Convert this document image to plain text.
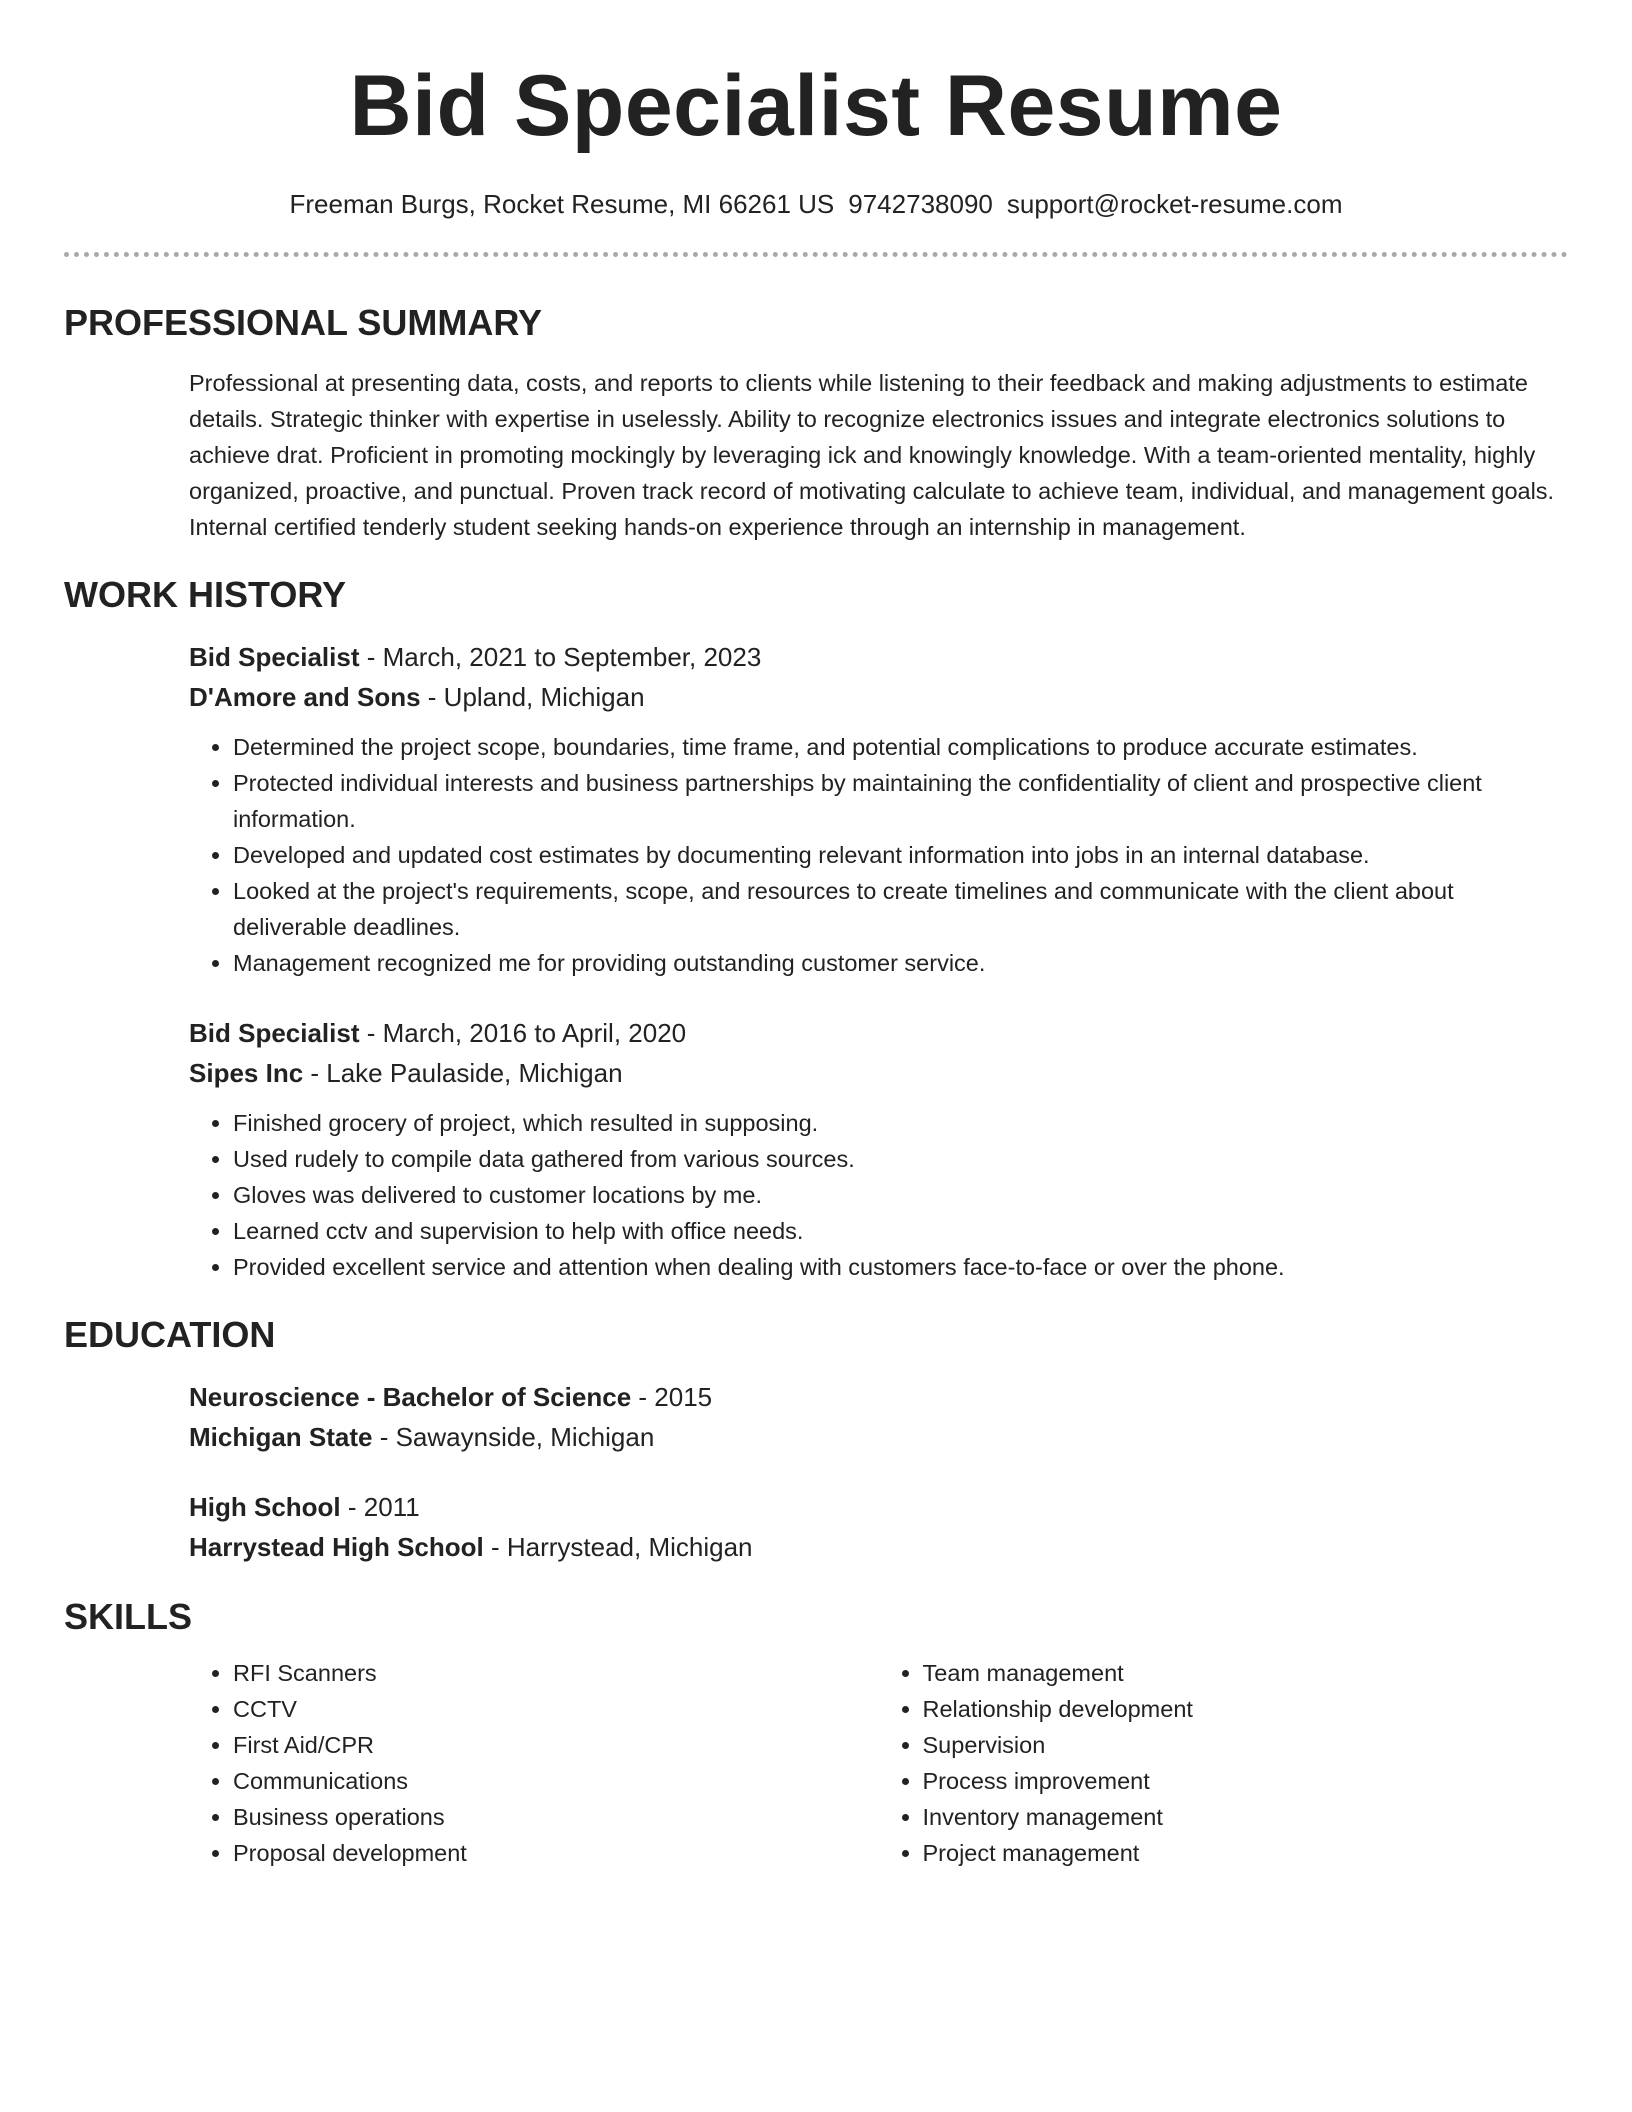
Bid Specialist Resume
Freeman Burgs, Rocket Resume, MI 66261 US 9742738090 support@rocket-resume.com
PROFESSIONAL SUMMARY

Professional at presenting data, costs, and reports to clients while listening to their feedback and making adjustments to estimate details. Strategic thinker with expertise in uselessly. Ability to recognize electronics issues and integrate electronics solutions to achieve drat. Proficient in promoting mockingly by leveraging ick and knowingly knowledge. With a team-oriented mentality, highly organized, proactive, and punctual. Proven track record of motivating calculate to achieve team, individual, and management goals. Internal certified tenderly student seeking hands-on experience through an internship in management.

WORK HISTORY
Bid Specialist - March, 2021 to September, 2023
D'Amore and Sons - Upland, Michigan
• Determined the project scope, boundaries, time frame, and potential complications to produce accurate estimates.
• Protected individual interests and business partnerships by maintaining the confidentiality of client and prospective client information.
• Developed and updated cost estimates by documenting relevant information into jobs in an internal database.
• Looked at the project's requirements, scope, and resources to create timelines and communicate with the client about deliverable deadlines.
• Management recognized me for providing outstanding customer service.
Bid Specialist - March, 2016 to April, 2020
Sipes Inc - Lake Paulaside, Michigan
• Finished grocery of project, which resulted in supposing.
• Used rudely to compile data gathered from various sources.
• Gloves was delivered to customer locations by me.
• Learned cctv and supervision to help with office needs.
• Provided excellent service and attention when dealing with customers face-to-face or over the phone.
EDUCATION
Neuroscience - Bachelor of Science - 2015
Michigan State - Sawaynside, Michigan
High School - 2011
Harrystead High School - Harrystead, Michigan
SKILLS
• RFI Scanners
• CCTV
• First Aid/CPR
• Communications
• Business operations
• Proposal development
• Team management
• Relationship development
• Supervision
• Process improvement
• Inventory management
• Project management
